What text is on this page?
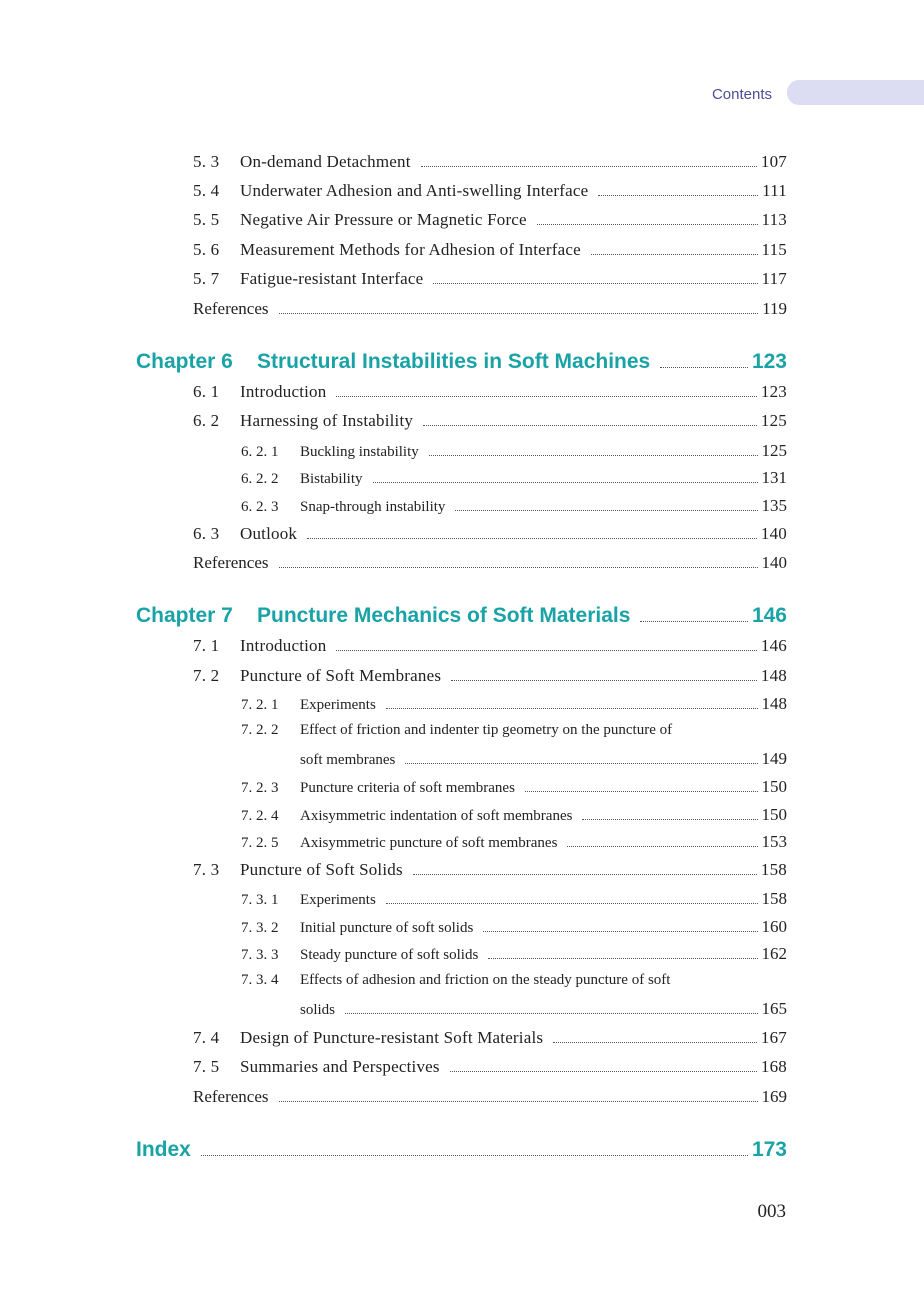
Contents
5. 3	On-demand Detachment	107
5. 4	Underwater Adhesion and Anti-swelling Interface	111
5. 5	Negative Air Pressure or Magnetic Force	113
5. 6	Measurement Methods for Adhesion of Interface	115
5. 7	Fatigue-resistant Interface	117
References	119
Chapter 6	Structural Instabilities in Soft Machines	123
6. 1	Introduction	123
6. 2	Harnessing of Instability	125
6. 2. 1	Buckling instability	125
6. 2. 2	Bistability	131
6. 2. 3	Snap-through instability	135
6. 3	Outlook	140
References	140
Chapter 7	Puncture Mechanics of Soft Materials	146
7. 1	Introduction	146
7. 2	Puncture of Soft Membranes	148
7. 2. 1	Experiments	148
7. 2. 2	Effect of friction and indenter tip geometry on the puncture of
soft membranes	149
7. 2. 3	Puncture criteria of soft membranes	150
7. 2. 4	Axisymmetric indentation of soft membranes	150
7. 2. 5	Axisymmetric puncture of soft membranes	153
7. 3	Puncture of Soft Solids	158
7. 3. 1	Experiments	158
7. 3. 2	Initial puncture of soft solids	160
7. 3. 3	Steady puncture of soft solids	162
7. 3. 4	Effects of adhesion and friction on the steady puncture of soft
solids	165
7. 4	Design of Puncture-resistant Soft Materials	167
7. 5	Summaries and Perspectives	168
References	169
Index	173
003
